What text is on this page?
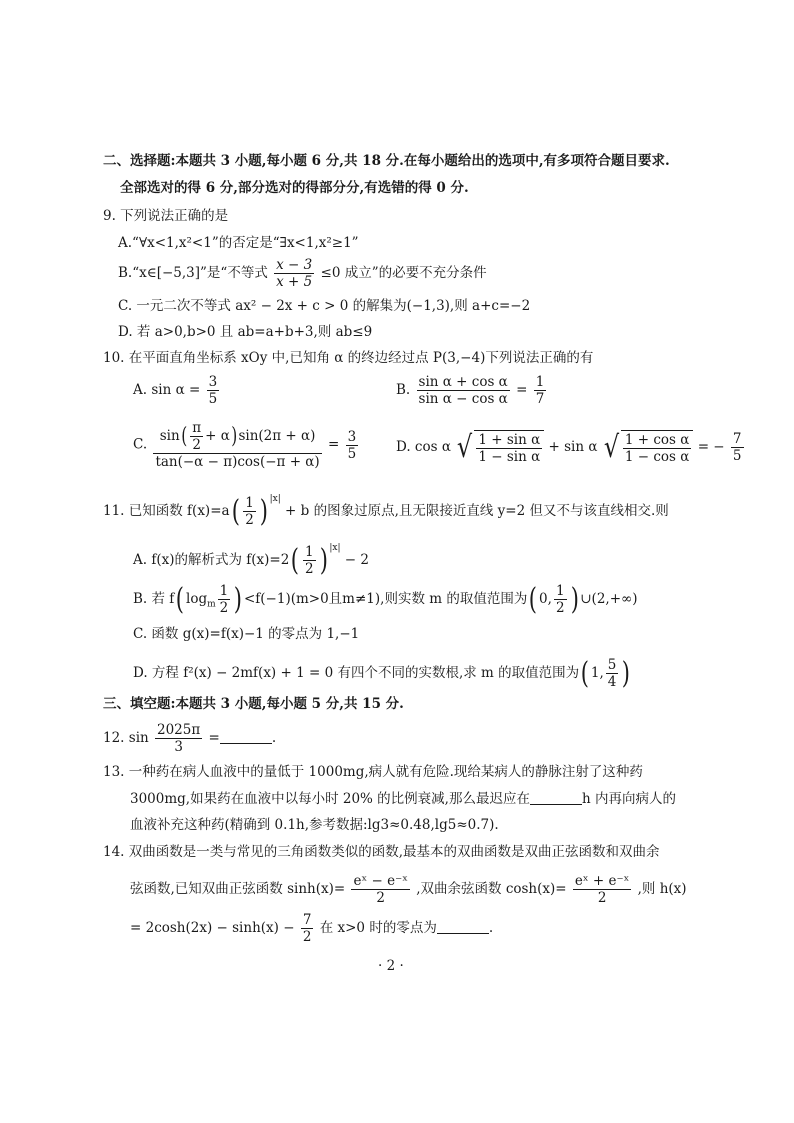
二、选择题:本题共 3 小题,每小题 6 分,共 18 分.在每小题给出的选项中,有多项符合题目要求.
全部选对的得 6 分,部分选对的得部分分,有选错的得 0 分.
9. 下列说法正确的是
A.“∀x<1,x²<1”的否定是“∃x<1,x²≥1”
B.“x∈[−5,3]”是“不等式 $\frac{x - 3}{x + 5} \le 0$ 成立”的必要不充分条件
C. 一元二次不等式 ax² − 2x + c > 0 的解集为(−1,3),则 a+c=−2
D. 若 a>0,b>0 且 ab=a+b+3,则 ab≤9
10. 在平面直角坐标系 xOy 中,已知角 α 的终边经过点 P(3,−4)下列说法正确的有
A. $\sin \alpha = \frac{3}{5}$	B. $\frac{\text{sin α + cos α}}{\text{sin α − cos α}} = \frac{1}{7}$
C. $\frac{\sin( \frac{\pi}{2} + \alpha)\sin(2\pi + \alpha)}{\tan(-\alpha - \pi)\cos(-\pi + \alpha)} = \frac{3}{5}$	D. cos α √ $\frac{\text{1 + sin α}}{\text{1 − sin α}} + \sin \alpha$ √ $\frac{\text{1 + cos α}}{\text{1 − cos α}}$ = − $\frac{7}{5}$
11. 已知函数 $f(x)=a( \frac{1}{2}$ ) $^{|x|}$ + b 的图象过原点,且无限接近直线 y=2 但又不与该直线相交.则
A. f(x)的解析式为 $f(x)=2( \frac{1}{2}$ ) $^{|x|}$ − 2
B. 若 f( $\log_m \frac{1}{2}$ ) <f(−1)(m>0且m≠1),则实数 m 的取值范围为( 0, $\frac{1}{2}$ ) ∪(2,+∞)
C. 函数 g(x)=f(x)−1 的零点为 1,−1
D. 方程 f²(x) − 2mf(x) + 1 = 0 有四个不同的实数根,求 m 的取值范围为( 1, $\frac{5}{4}$ )
三、填空题:本题共 3 小题,每小题 5 分,共 15 分.
12. $\sin \frac{2025\pi}{3}$ =	.
13. 一种药在病人血液中的量低于 1000mg,病人就有危险.现给某病人的静脉注射了这种药
3000mg,如果药在血液中以每小时 20% 的比例衰减,那么最迟应在	h 内再向病人的
血液补充这种药(精确到 0.1h,参考数据:lg3≈0.48,lg5≈0.7).
14. 双曲函数是一类与常见的三角函数类似的函数,最基本的双曲函数是双曲正弦函数和双曲余
弦函数,已知双曲正弦函数 $\sinh(x)= \frac{\text{eˣ − e⁻ˣ}}{2}$ ,双曲余弦函数 $\cosh(x)= \frac{\text{eˣ + e⁻ˣ}}{2}$ ,则 h(x)
= $2\cosh(2x) - \sinh(x) - \frac{7}{2}$ 在 x>0 时的零点为	.
· 2 ·
